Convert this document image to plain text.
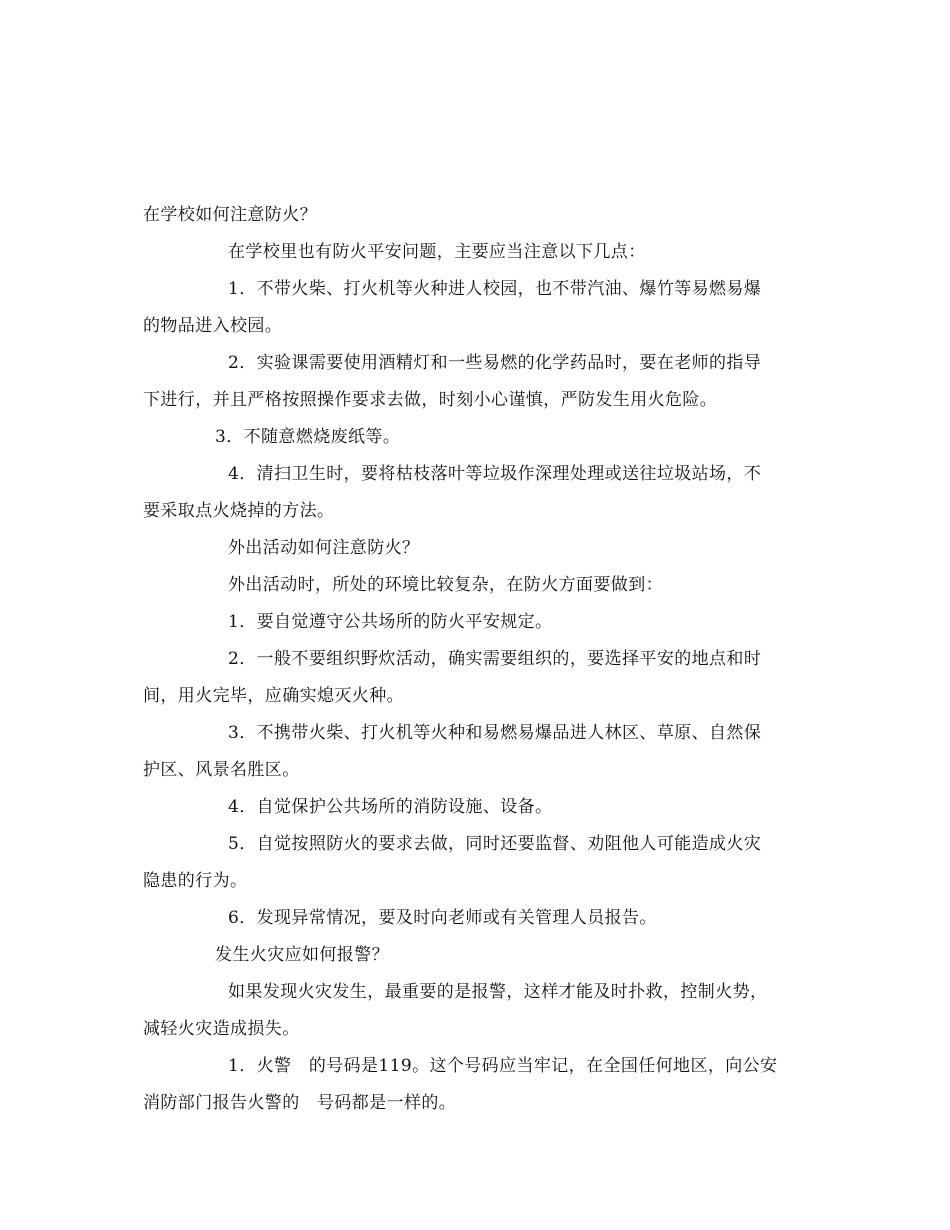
在学校如何注意防火？
在学校里也有防火平安问题，主要应当注意以下几点：
1．不带火柴、打火机等火种进人校园，也不带汽油、爆竹等易燃易爆
的物品进入校园。
2．实验课需要使用酒精灯和一些易燃的化学药品时，要在老师的指导
下进行，并且严格按照操作要求去做，时刻小心谨慎，严防发生用火危险。
3．不随意燃烧废纸等。
4．清扫卫生时，要将枯枝落叶等垃圾作深理处理或送往垃圾站场，不
要采取点火烧掉的方法。
外出活动如何注意防火？
外出活动时，所处的环境比较复杂，在防火方面要做到：
1．要自觉遵守公共场所的防火平安规定。
2．一般不要组织野炊活动，确实需要组织的，要选择平安的地点和时
间，用火完毕，应确实熄灭火种。
3．不携带火柴、打火机等火种和易燃易爆品进人林区、草原、自然保
护区、风景名胜区。
4．自觉保护公共场所的消防设施、设备。
5．自觉按照防火的要求去做，同时还要监督、劝阻他人可能造成火灾
隐患的行为。
6．发现异常情况，要及时向老师或有关管理人员报告。
发生火灾应如何报警？
如果发现火灾发生，最重要的是报警，这样才能及时扑救，控制火势，
减轻火灾造成损失。
1．火警　的号码是119。这个号码应当牢记，在全国任何地区，向公安
消防部门报告火警的　号码都是一样的。
